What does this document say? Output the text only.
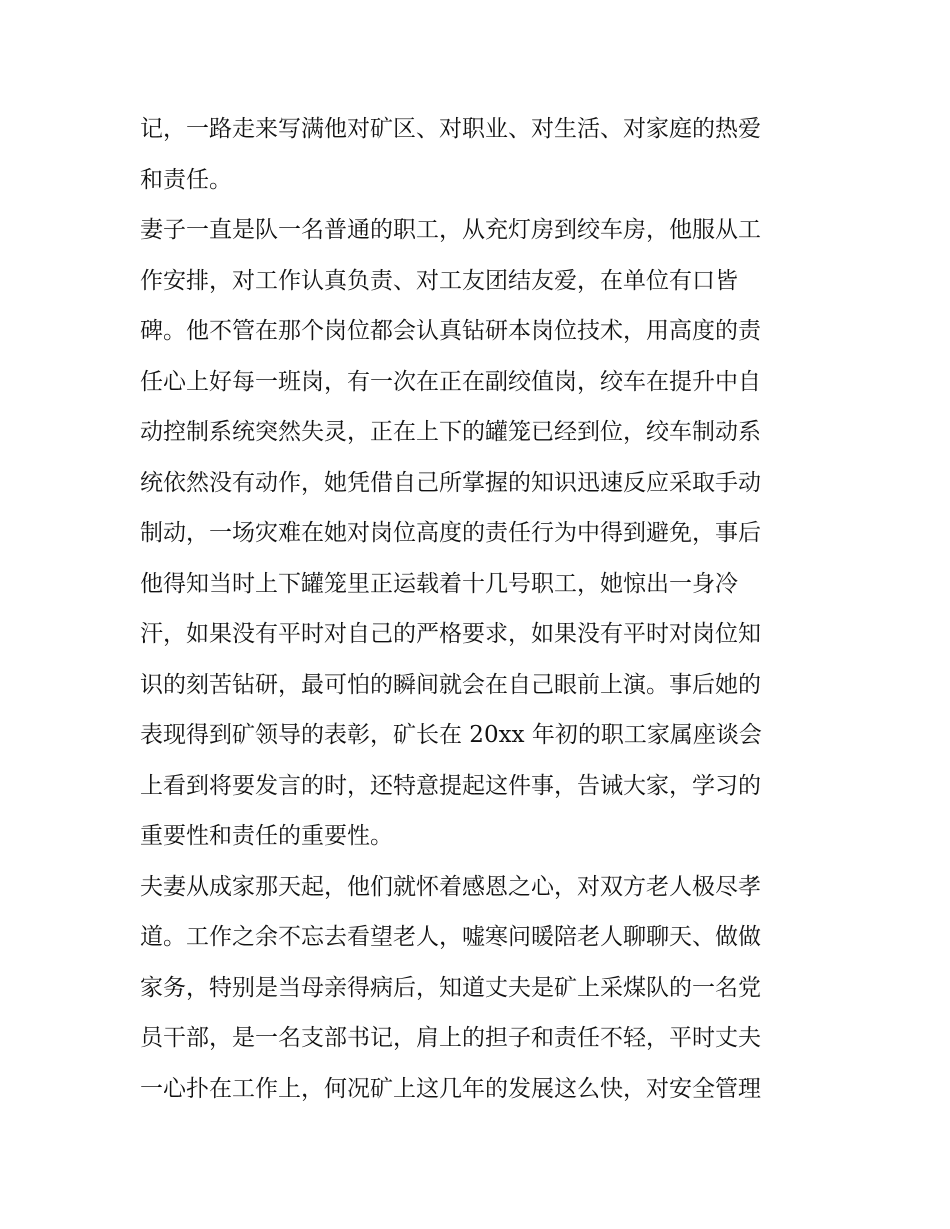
记，一路走来写满他对矿区、对职业、对生活、对家庭的热爱
和责任。
妻子一直是队一名普通的职工，从充灯房到绞车房，他服从工
作安排，对工作认真负责、对工友团结友爱，在单位有口皆
碑。他不管在那个岗位都会认真钻研本岗位技术，用高度的责
任心上好每一班岗，有一次在正在副绞值岗，绞车在提升中自
动控制系统突然失灵，正在上下的罐笼已经到位，绞车制动系
统依然没有动作，她凭借自己所掌握的知识迅速反应采取手动
制动，一场灾难在她对岗位高度的责任行为中得到避免，事后
他得知当时上下罐笼里正运载着十几号职工，她惊出一身冷
汗，如果没有平时对自己的严格要求，如果没有平时对岗位知
识的刻苦钻研，最可怕的瞬间就会在自己眼前上演。事后她的
表现得到矿领导的表彰，矿长在 20xx 年初的职工家属座谈会
上看到将要发言的时，还特意提起这件事，告诫大家，学习的
重要性和责任的重要性。
夫妻从成家那天起，他们就怀着感恩之心，对双方老人极尽孝
道。工作之余不忘去看望老人，嘘寒问暖陪老人聊聊天、做做
家务，特别是当母亲得病后，知道丈夫是矿上采煤队的一名党
员干部，是一名支部书记，肩上的担子和责任不轻，平时丈夫
一心扑在工作上，何况矿上这几年的发展这么快，对安全管理
